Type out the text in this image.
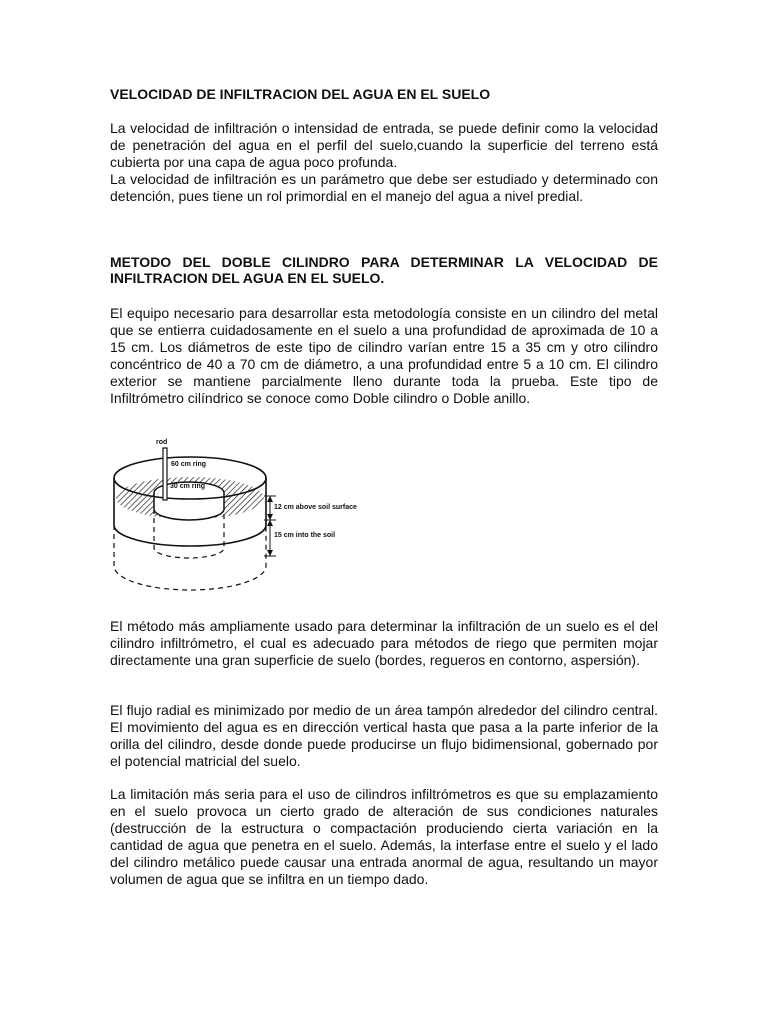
VELOCIDAD DE INFILTRACION DEL AGUA EN EL SUELO

La velocidad de infiltración o intensidad de entrada, se puede definir como la velocidad de penetración del agua en el perfil del suelo,cuando la superficie del terreno está cubierta por una capa de agua poco profunda.

La velocidad de infiltración es un parámetro que debe ser estudiado y determinado con detención, pues tiene un rol primordial en el manejo del agua a nivel predial.

METODO DEL DOBLE CILINDRO PARA DETERMINAR LA VELOCIDAD DE INFILTRACION DEL AGUA EN EL SUELO.

El equipo necesario para desarrollar esta metodología consiste en un cilindro del metal que se entierra cuidadosamente en el suelo a una profundidad de aproximada de 10 a 15 cm. Los diámetros de este tipo de cilindro varían entre 15 a 35 cm y otro cilindro concéntrico de 40 a 70 cm de diámetro, a una profundidad entre 5 a 10 cm. El cilindro exterior se mantiene parcialmente lleno durante toda la prueba. Este tipo de Infiltrómetro cilíndrico se conoce como Doble cilindro o Doble anillo.

rod
60 cm ring
30 cm ring
12 cm above soil surface
15 cm into the soil

El método más ampliamente usado para determinar la infiltración de un suelo es el del cilindro infiltrómetro, el cual es adecuado para métodos de riego que permiten mojar directamente una gran superficie de suelo (bordes, regueros en contorno, aspersión).

El flujo radial es minimizado por medio de un área tampón alrededor del cilindro central. El movimiento del agua es en dirección vertical hasta que pasa a la parte inferior de la orilla del cilindro, desde donde puede producirse un flujo bidimensional, gobernado por el potencial matricial del suelo.

La limitación más seria para el uso de cilindros infiltrómetros es que su emplazamiento en el suelo provoca un cierto grado de alteración de sus condiciones naturales (destrucción de la estructura o compactación produciendo cierta variación en la cantidad de agua que penetra en el suelo. Además, la interfase entre el suelo y el lado del cilindro metálico puede causar una entrada anormal de agua, resultando un mayor volumen de agua que se infiltra en un tiempo dado.
